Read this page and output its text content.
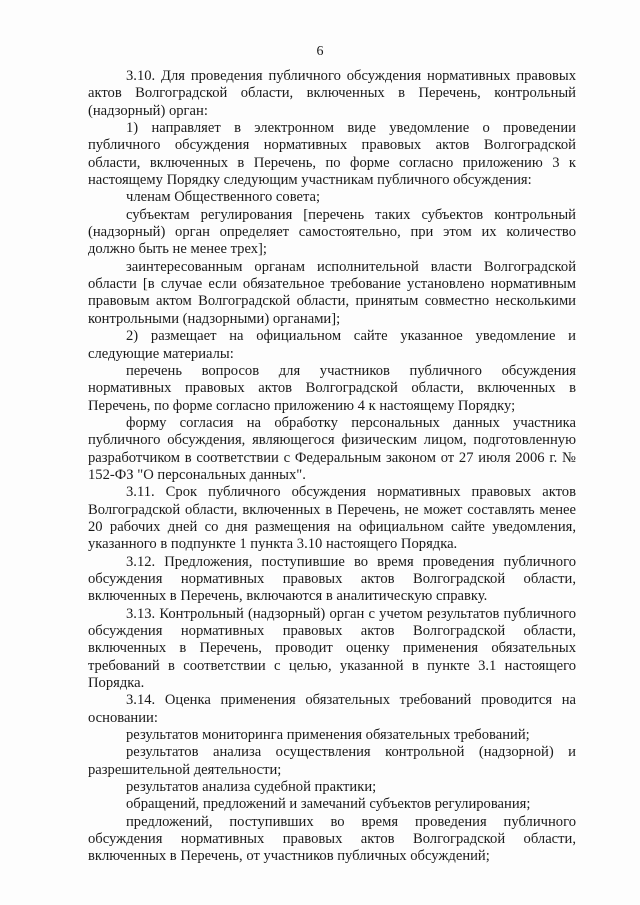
6

3.10. Для проведения публичного обсуждения нормативных правовых актов Волгоградской области, включенных в Перечень, контрольный (надзорный) орган:

1) направляет в электронном виде уведомление о проведении публичного обсуждения нормативных правовых актов Волгоградской области, включенных в Перечень, по форме согласно приложению 3 к настоящему Порядку следующим участникам публичного обсуждения:

членам Общественного совета;

субъектам регулирования [перечень таких субъектов контрольный (надзорный) орган определяет самостоятельно, при этом их количество должно быть не менее трех];

заинтересованным органам исполнительной власти Волгоградской области [в случае если обязательное требование установлено нормативным правовым актом Волгоградской области, принятым совместно несколькими контрольными (надзорными) органами];

2) размещает на официальном сайте указанное уведомление и следующие материалы:

перечень вопросов для участников публичного обсуждения нормативных правовых актов Волгоградской области, включенных в Перечень, по форме согласно приложению 4 к настоящему Порядку;

форму согласия на обработку персональных данных участника публичного обсуждения, являющегося физическим лицом, подготовленную разработчиком в соответствии с Федеральным законом от 27 июля 2006 г. № 152-ФЗ "О персональных данных".

3.11. Срок публичного обсуждения нормативных правовых актов Волгоградской области, включенных в Перечень, не может составлять менее 20 рабочих дней со дня размещения на официальном сайте уведомления, указанного в подпункте 1 пункта 3.10 настоящего Порядка.

3.12. Предложения, поступившие во время проведения публичного обсуждения нормативных правовых актов Волгоградской области, включенных в Перечень, включаются в аналитическую справку.

3.13. Контрольный (надзорный) орган с учетом результатов публичного обсуждения нормативных правовых актов Волгоградской области, включенных в Перечень, проводит оценку применения обязательных требований в соответствии с целью, указанной в пункте 3.1 настоящего Порядка.

3.14. Оценка применения обязательных требований проводится на основании:

результатов мониторинга применения обязательных требований;

результатов анализа осуществления контрольной (надзорной) и разрешительной деятельности;

результатов анализа судебной практики;

обращений, предложений и замечаний субъектов регулирования;

предложений, поступивших во время проведения публичного обсуждения нормативных правовых актов Волгоградской области, включенных в Перечень, от участников публичных обсуждений;
